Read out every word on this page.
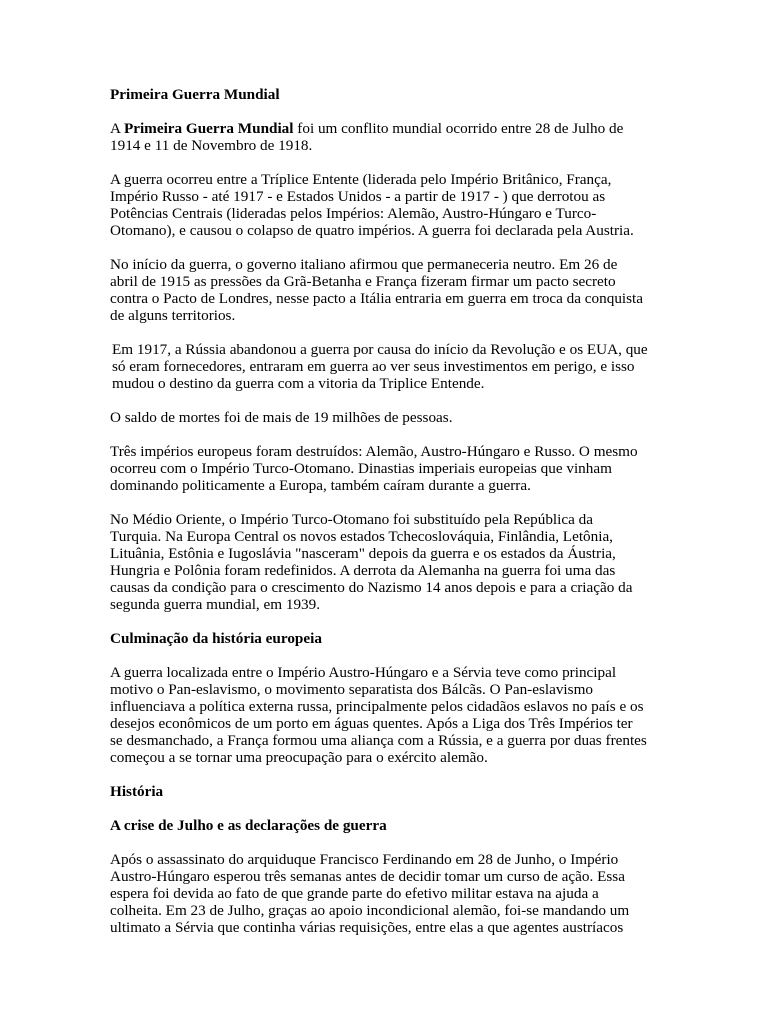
Primeira Guerra Mundial
A Primeira Guerra Mundial foi um conflito mundial ocorrido entre 28 de Julho de
1914 e 11 de Novembro de 1918.
A guerra ocorreu entre a Tríplice Entente (liderada pelo Império Britânico, França,
Império Russo - até 1917 - e Estados Unidos - a partir de 1917 - ) que derrotou as
Potências Centrais (lideradas pelos Impérios: Alemão, Austro-Húngaro e Turco-
Otomano), e causou o colapso de quatro impérios. A guerra foi declarada pela Austria.
No início da guerra, o governo italiano afirmou que permaneceria neutro. Em 26 de
abril de 1915 as pressões da Grã-Betanha e França fizeram firmar um pacto secreto
contra o Pacto de Londres, nesse pacto a Itália entraria em guerra em troca da conquista
de alguns territorios.
Em 1917, a Rússia abandonou a guerra por causa do início da Revolução e os EUA, que
só eram fornecedores, entraram em guerra ao ver seus investimentos em perigo, e isso
mudou o destino da guerra com a vitoria da Triplice Entende.
O saldo de mortes foi de mais de 19 milhões de pessoas.
Três impérios europeus foram destruídos: Alemão, Austro-Húngaro e Russo. O mesmo
ocorreu com o Império Turco-Otomano. Dinastias imperiais europeias que vinham
dominando politicamente a Europa, também caíram durante a guerra.
No Médio Oriente, o Império Turco-Otomano foi substituído pela República da
Turquia. Na Europa Central os novos estados Tchecoslováquia, Finlândia, Letônia,
Lituânia, Estônia e Iugoslávia "nasceram" depois da guerra e os estados da Áustria,
Hungria e Polônia foram redefinidos. A derrota da Alemanha na guerra foi uma das
causas da condição para o crescimento do Nazismo 14 anos depois e para a criação da
segunda guerra mundial, em 1939.
Culminação da história europeia
A guerra localizada entre o Império Austro-Húngaro e a Sérvia teve como principal
motivo o Pan-eslavismo, o movimento separatista dos Bálcãs. O Pan-eslavismo
influenciava a política externa russa, principalmente pelos cidadãos eslavos no país e os
desejos econômicos de um porto em águas quentes. Após a Liga dos Três Impérios ter
se desmanchado, a França formou uma aliança com a Rússia, e a guerra por duas frentes
começou a se tornar uma preocupação para o exército alemão.
História
A crise de Julho e as declarações de guerra
Após o assassinato do arquiduque Francisco Ferdinando em 28 de Junho, o Império
Austro-Húngaro esperou três semanas antes de decidir tomar um curso de ação. Essa
espera foi devida ao fato de que grande parte do efetivo militar estava na ajuda a
colheita. Em 23 de Julho, graças ao apoio incondicional alemão, foi-se mandando um
ultimato a Sérvia que continha várias requisições, entre elas a que agentes austríacos
